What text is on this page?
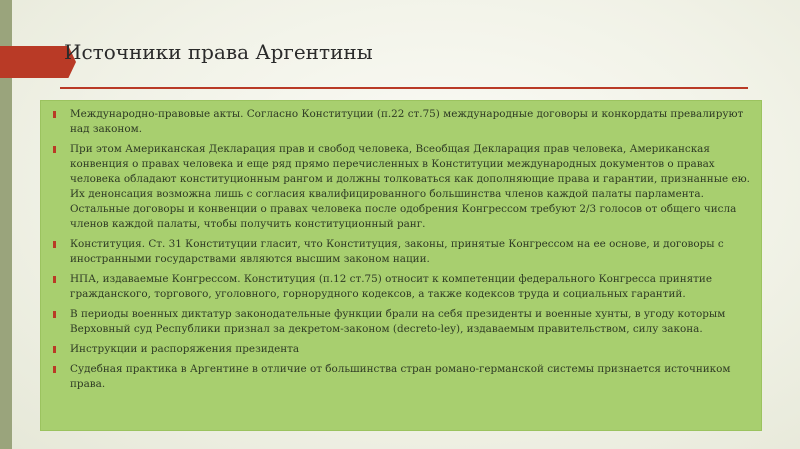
Источники права Аргентины
Международно-правовые акты. Согласно Конституции (п.22 ст.75) международные договоры и конкордаты превалируют над законом.
При этом Американская Декларация прав и свобод человека, Всеобщая Декларация прав человека, Американская конвенция о правах человека и еще ряд прямо перечисленных в Конституции международных документов о правах человека обладают конституционным рангом и должны толковаться как дополняющие права и гарантии, признанные ею. Их денонсация возможна лишь с согласия квалифицированного большинства членов каждой палаты парламента. Остальные договоры и конвенции о правах человека после одобрения Конгрессом требуют 2/3 голосов от общего числа членов каждой палаты, чтобы получить конституционный ранг.
Конституция. Ст. 31 Конституции гласит, что Конституция, законы, принятые Конгрессом на ее основе, и договоры с иностранными государствами являются высшим законом нации.
НПА, издаваемые Конгрессом. Конституция (п.12 ст.75) относит к компетенции федерального Конгресса принятие гражданского, торгового, уголовного, горнорудного кодексов, а также кодексов труда и социальных гарантий.
В периоды военных диктатур законодательные функции брали на себя президенты и военные хунты, в угоду которым Верховный суд Республики признал за декретом-законом (decreto-ley), издаваемым правительством, силу закона.
Инструкции и распоряжения президента
Судебная практика в Аргентине в отличие от большинства стран романо-германской системы признается источником права.
